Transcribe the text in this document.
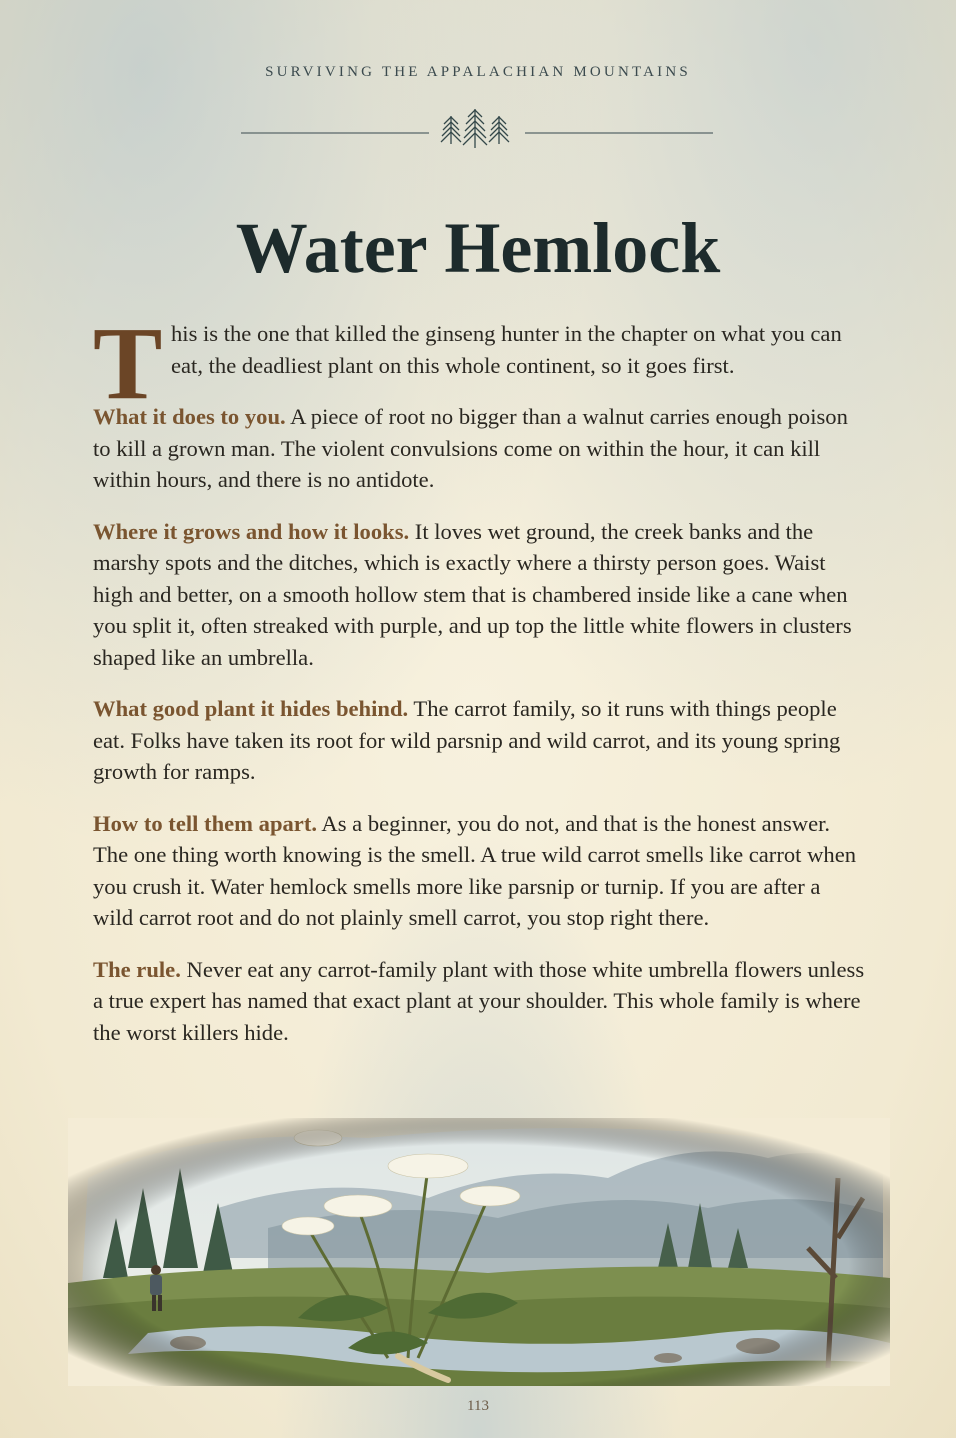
SURVIVING THE APPALACHIAN MOUNTAINS
Water Hemlock

T his is the one that killed the ginseng hunter in the chapter on what you can eat, the deadliest plant on this whole continent, so it goes first.

What it does to you. A piece of root no bigger than a walnut carries enough poison to kill a grown man. The violent convulsions come on within the hour, it can kill within hours, and there is no antidote.

Where it grows and how it looks. It loves wet ground, the creek banks and the marshy spots and the ditches, which is exactly where a thirsty person goes. Waist high and better, on a smooth hollow stem that is chambered inside like a cane when you split it, often streaked with purple, and up top the little white flowers in clusters shaped like an umbrella.

What good plant it hides behind. The carrot family, so it runs with things people eat. Folks have taken its root for wild parsnip and wild carrot, and its young spring growth for ramps.

How to tell them apart. As a beginner, you do not, and that is the honest answer. The one thing worth knowing is the smell. A true wild carrot smells like carrot when you crush it. Water hemlock smells more like parsnip or turnip. If you are after a wild carrot root and do not plainly smell carrot, you stop right there.

The rule. Never eat any carrot-family plant with those white umbrella flowers unless a true expert has named that exact plant at your shoulder. This whole family is where the worst killers hide.

113
